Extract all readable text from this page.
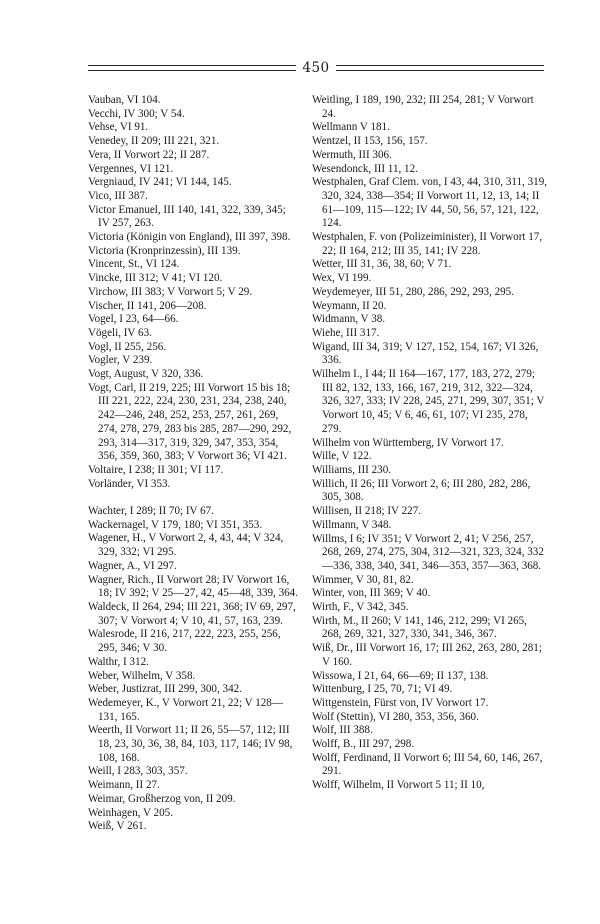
450

Vauban, VI 104.

Vecchi, IV 300; V 54.

Vehse, VI 91.

Venedey, II 209; III 221, 321.

Vera, II Vorwort 22; II 287.

Vergennes, VI 121.

Vergniaud, IV 241; VI 144, 145.

Vico, III 387.

Victor Emanuel, III 140, 141, 322, 339, 345; IV 257, 263.

Victoria (Königin von England), III 397, 398.

Victoria (Kronprinzessin), III 139.

Vincent, St., VI 124.

Vincke, III 312; V 41; VI 120.

Virchow, III 383; V Vorwort 5; V 29.

Vischer, II 141, 206—208.

Vogel, I 23, 64—66.

Vögeli, IV 63.

Vogl, II 255, 256.

Vogler, V 239.

Vogt, August, V 320, 336.

Vogt, Carl, II 219, 225; III Vorwort 15 bis 18; III 221, 222, 224, 230, 231, 234, 238, 240, 242—246, 248, 252, 253, 257, 261, 269, 274, 278, 279, 283 bis 285, 287—290, 292, 293, 314—317, 319, 329, 347, 353, 354, 356, 359, 360, 383; V Vorwort 36; VI 421.

Voltaire, I 238; II 301; VI 117.

Vorländer, VI 353.

Wachter, I 289; II 70; IV 67.

Wackernagel, V 179, 180; VI 351, 353.

Wagener, H., V Vorwort 2, 4, 43, 44; V 324, 329, 332; VI 295.

Wagner, A., VI 297.

Wagner, Rich., II Vorwort 28; IV Vorwort 16, 18; IV 392; V 25—27, 42, 45—48, 339, 364.

Waldeck, II 264, 294; III 221, 368; IV 69, 297, 307; V Vorwort 4; V 10, 41, 57, 163, 239.

Walesrode, II 216, 217, 222, 223, 255, 256, 295, 346; V 30.

Walthr, I 312.

Weber, Wilhelm, V 358.

Weber, Justizrat, III 299, 300, 342.

Wedemeyer, K., V Vorwort 21, 22; V 128—131, 165.

Weerth, II Vorwort 11; II 26, 55—57, 112; III 18, 23, 30, 36, 38, 84, 103, 117, 146; IV 98, 108, 168.

Weill, I 283, 303, 357.

Weimann, II 27.

Weimar, Großherzog von, II 209.

Weinhagen, V 205.

Weiß, V 261.

Weitling, I 189, 190, 232; III 254, 281; V Vorwort 24.

Wellmann V 181.

Wentzel, II 153, 156, 157.

Wermuth, III 306.

Wesendonck, III 11, 12.

Westphalen, Graf Clem. von, I 43, 44, 310, 311, 319, 320, 324, 338—354; II Vorwort 11, 12, 13, 14; II 61—109, 115—122; IV 44, 50, 56, 57, 121, 122, 124.

Westphalen, F. von (Polizeiminister), II Vorwort 17, 22; II 164, 212; III 35, 141; IV 228.

Wetter, III 31, 36, 38, 60; V 71.

Wex, VI 199.

Weydemeyer, III 51, 280, 286, 292, 293, 295.

Weymann, II 20.

Widmann, V 38.

Wiehe, III 317.

Wigand, III 34, 319; V 127, 152, 154, 167; VI 326, 336.

Wilhelm I., I 44; II 164—167, 177, 183, 272, 279; III 82, 132, 133, 166, 167, 219, 312, 322—324, 326, 327, 333; IV 228, 245, 271, 299, 307, 351; V Vorwort 10, 45; V 6, 46, 61, 107; VI 235, 278, 279.

Wilhelm von Württemberg, IV Vorwort 17.

Wille, V 122.

Williams, III 230.

Willich, II 26; III Vorwort 2, 6; III 280, 282, 286, 305, 308.

Willisen, II 218; IV 227.

Willmann, V 348.

Willms, I 6; IV 351; V Vorwort 2, 41; V 256, 257, 268, 269, 274, 275, 304, 312—321, 323, 324, 332—336, 338, 340, 341, 346—353, 357—363, 368.

Wimmer, V 30, 81, 82.

Winter, von, III 369; V 40.

Wirth, F., V 342, 345.

Wirth, M., II 260; V 141, 146, 212, 299; VI 265, 268, 269, 321, 327, 330, 341, 346, 367.

Wiß, Dr., III Vorwort 16, 17; III 262, 263, 280, 281; V 160.

Wissowa, I 21, 64, 66—69; II 137, 138.

Wittenburg, I 25, 70, 71; VI 49.

Wittgenstein, Fürst von, IV Vorwort 17.

Wolf (Stettin), VI 280, 353, 356, 360.

Wolf, III 388.

Wolff, B., III 297, 298.

Wolff, Ferdinand, II Vorwort 6; III 54, 60, 146, 267, 291.

Wolff, Wilhelm, II Vorwort 5 11; II 10,
